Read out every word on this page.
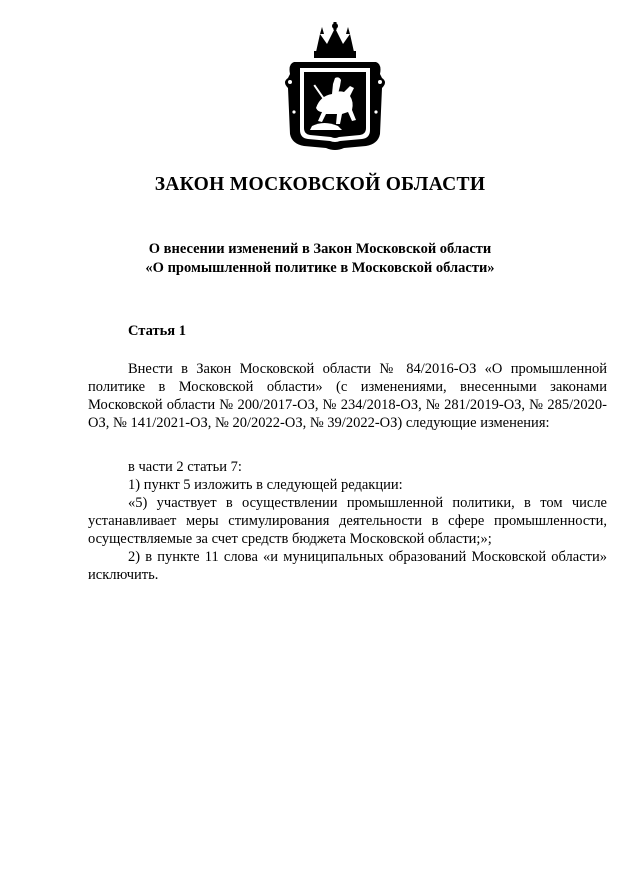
ЗАКОН МОСКОВСКОЙ ОБЛАСТИ
О внесении изменений в Закон Московской области
«О промышленной политике в Московской области»
Статья 1
Внести в Закон Московской области № 84/2016-ОЗ «О промышленной политике в Московской области» (с изменениями, внесенными законами Московской области № 200/2017-ОЗ, № 234/2018-ОЗ, № 281/2019-ОЗ, № 285/2020-ОЗ, № 141/2021-ОЗ, № 20/2022-ОЗ, № 39/2022-ОЗ) следующие изменения:
в части 2 статьи 7:
1) пункт 5 изложить в следующей редакции:
«5) участвует в осуществлении промышленной политики, в том числе устанавливает меры стимулирования деятельности в сфере промышленности, осуществляемые за счет средств бюджета Московской области;»;
2) в пункте 11 слова «и муниципальных образований Московской области» исключить.
